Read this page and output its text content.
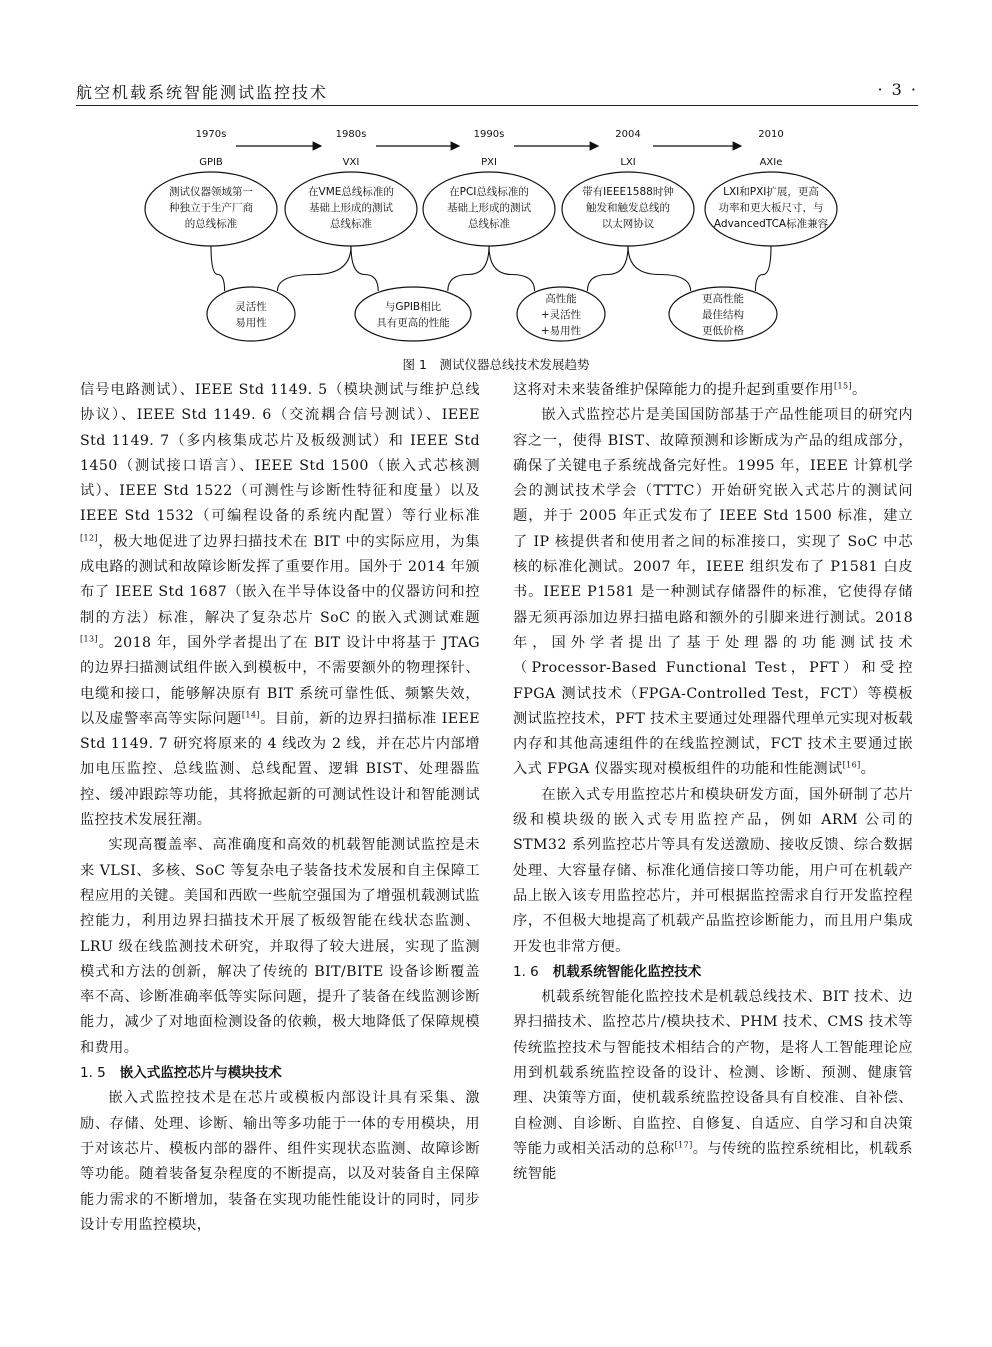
航空机载系统智能测试监控技术	· 3 ·
1970s
GPIB
测试仪器领域第一
种独立于生产厂商
的总线标准
1980s
VXI
在VME总线标准的
基础上形成的测试
总线标准
1990s
PXI
在PCI总线标准的
基础上形成的测试
总线标准
2004
LXI
带有IEEE1588时钟
触发和触发总线的
以太网协议
2010
AXIe
LXI和PXI扩展，更高
功率和更大板尺寸，与
AdvancedTCA标准兼容
灵活性
易用性
与GPIB相比
具有更高的性能
高性能
+灵活性
+易用性
更高性能
最佳结构
更低价格
图 1　测试仪器总线技术发展趋势

信号电路测试）、IEEE Std 1149. 5（模块测试与维护总线协议）、IEEE Std 1149. 6（交流耦合信号测试）、IEEE Std 1149. 7（多内核集成芯片及板级测试）和 IEEE Std 1450（测试接口语言）、IEEE Std 1500（嵌入式芯核测试）、IEEE Std 1522（可测性与诊断性特征和度量）以及 IEEE Std 1532（可编程设备的系统内配置）等行业标准[12]，极大地促进了边界扫描技术在 BIT 中的实际应用，为集成电路的测试和故障诊断发挥了重要作用。国外于 2014 年颁布了 IEEE Std 1687（嵌入在半导体设备中的仪器访问和控制的方法）标准，解决了复杂芯片 SoC 的嵌入式测试难题[13]。2018 年，国外学者提出了在 BIT 设计中将基于 JTAG 的边界扫描测试组件嵌入到模板中，不需要额外的物理探针、电缆和接口，能够解决原有 BIT 系统可靠性低、频繁失效，以及虚警率高等实际问题[14]。目前，新的边界扫描标准 IEEE Std 1149. 7 研究将原来的 4 线改为 2 线，并在芯片内部增加电压监控、总线监测、总线配置、逻辑 BIST、处理器监控、缓冲跟踪等功能，其将掀起新的可测试性设计和智能测试监控技术发展狂潮。

实现高覆盖率、高准确度和高效的机载智能测试监控是未来 VLSI、多核、SoC 等复杂电子装备技术发展和自主保障工程应用的关键。美国和西欧一些航空强国为了增强机载测试监控能力，利用边界扫描技术开展了板级智能在线状态监测、LRU 级在线监测技术研究，并取得了较大进展，实现了监测模式和方法的创新，解决了传统的 BIT/BITE 设备诊断覆盖率不高、诊断准确率低等实际问题，提升了装备在线监测诊断能力，减少了对地面检测设备的依赖，极大地降低了保障规模和费用。

1. 5 嵌入式监控芯片与模块技术

嵌入式监控技术是在芯片或模板内部设计具有采集、激励、存储、处理、诊断、输出等多功能于一体的专用模块，用于对该芯片、模板内部的器件、组件实现状态监测、故障诊断等功能。随着装备复杂程度的不断提高，以及对装备自主保障能力需求的不断增加，装备在实现功能性能设计的同时，同步设计专用监控模块，

这将对未来装备维护保障能力的提升起到重要作用[15]。

嵌入式监控芯片是美国国防部基于产品性能项目的研究内容之一，使得 BIST、故障预测和诊断成为产品的组成部分，确保了关键电子系统战备完好性。1995 年，IEEE 计算机学会的测试技术学会（TTTC）开始研究嵌入式芯片的测试问题，并于 2005 年正式发布了 IEEE Std 1500 标准，建立了 IP 核提供者和使用者之间的标准接口，实现了 SoC 中芯核的标准化测试。2007 年，IEEE 组织发布了 P1581 白皮书。IEEE P1581 是一种测试存储器件的标准，它使得存储器无须再添加边界扫描电路和额外的引脚来进行测试。2018 年，国外学者提出了基于处理器的功能测试技术（Processor-Based Functional Test，PFT）和受控 FPGA 测试技术（FPGA-Controlled Test，FCT）等模板测试监控技术，PFT 技术主要通过处理器代理单元实现对板载内存和其他高速组件的在线监控测试，FCT 技术主要通过嵌入式 FPGA 仪器实现对模板组件的功能和性能测试[16]。

在嵌入式专用监控芯片和模块研发方面，国外研制了芯片级和模块级的嵌入式专用监控产品，例如 ARM 公司的 STM32 系列监控芯片等具有发送激励、接收反馈、综合数据处理、大容量存储、标准化通信接口等功能，用户可在机载产品上嵌入该专用监控芯片，并可根据监控需求自行开发监控程序，不但极大地提高了机载产品监控诊断能力，而且用户集成开发也非常方便。

1. 6 机载系统智能化监控技术

机载系统智能化监控技术是机载总线技术、BIT 技术、边界扫描技术、监控芯片/模块技术、PHM 技术、CMS 技术等传统监控技术与智能技术相结合的产物，是将人工智能理论应用到机载系统监控设备的设计、检测、诊断、预测、健康管理、决策等方面，使机载系统监控设备具有自校准、自补偿、自检测、自诊断、自监控、自修复、自适应、自学习和自决策等能力或相关活动的总称[17]。与传统的监控系统相比，机载系统智能
